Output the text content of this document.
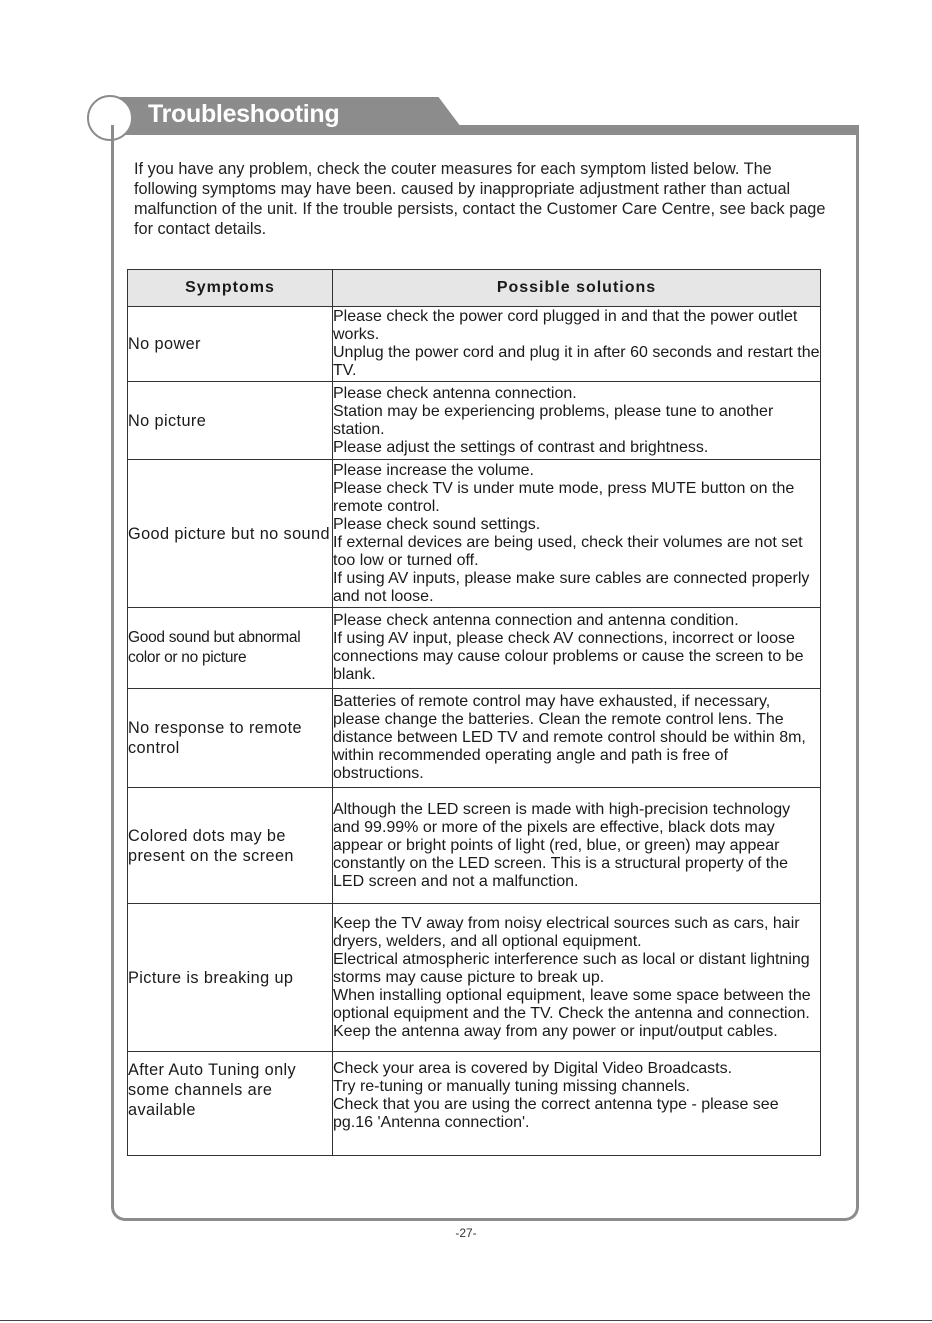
Troubleshooting
If you have any problem, check the couter measures for each symptom listed below. The following symptoms may have been. caused by inappropriate adjustment rather than actual malfunction of the unit. If the trouble persists, contact the Customer Care Centre, see back page for contact details.
Symptoms	Possible solutions
No power	Please check the power cord plugged in and that the power outlet works.

Unplug the power cord and plug it in after 60 seconds and restart the TV.

No picture	Please check antenna connection.

Station may be experiencing problems, please tune to another station.

Please adjust the settings of contrast and brightness.

Good picture but no sound	Please increase the volume.

Please check TV is under mute mode, press MUTE button on the remote control.

Please check sound settings.

If external devices are being used, check their volumes are not set too low or turned off.

If using AV inputs, please make sure cables are connected properly and not loose.

Good sound but abnormal color or no picture	Please check antenna connection and antenna condition.

If using AV input, please check AV connections, incorrect or loose connections may cause colour problems or cause the screen to be blank.

No response to remote control	Batteries of remote control may have exhausted, if necessary, please change the batteries. Clean the remote control lens. The distance between LED TV and remote control should be within 8m, within recommended operating angle and path is free of obstructions.

Colored dots may be present on the screen	Although the LED screen is made with high-precision technology and 99.99% or more of the pixels are effective, black dots may appear or bright points of light (red, blue, or green) may appear constantly on the LED screen. This is a structural property of the LED screen and not a malfunction.

Picture is breaking up	Keep the TV away from noisy electrical sources such as cars, hair dryers, welders, and all optional equipment.

Electrical atmospheric interference such as local or distant lightning storms may cause picture to break up.

When installing optional equipment, leave some space between the optional equipment and the TV. Check the antenna and connection. Keep the antenna away from any power or input/output cables.

After Auto Tuning only some channels are available	Check your area is covered by Digital Video Broadcasts.

Try re-tuning or manually tuning missing channels.

Check that you are using the correct antenna type - please see pg.16 'Antenna connection'.

-27-
